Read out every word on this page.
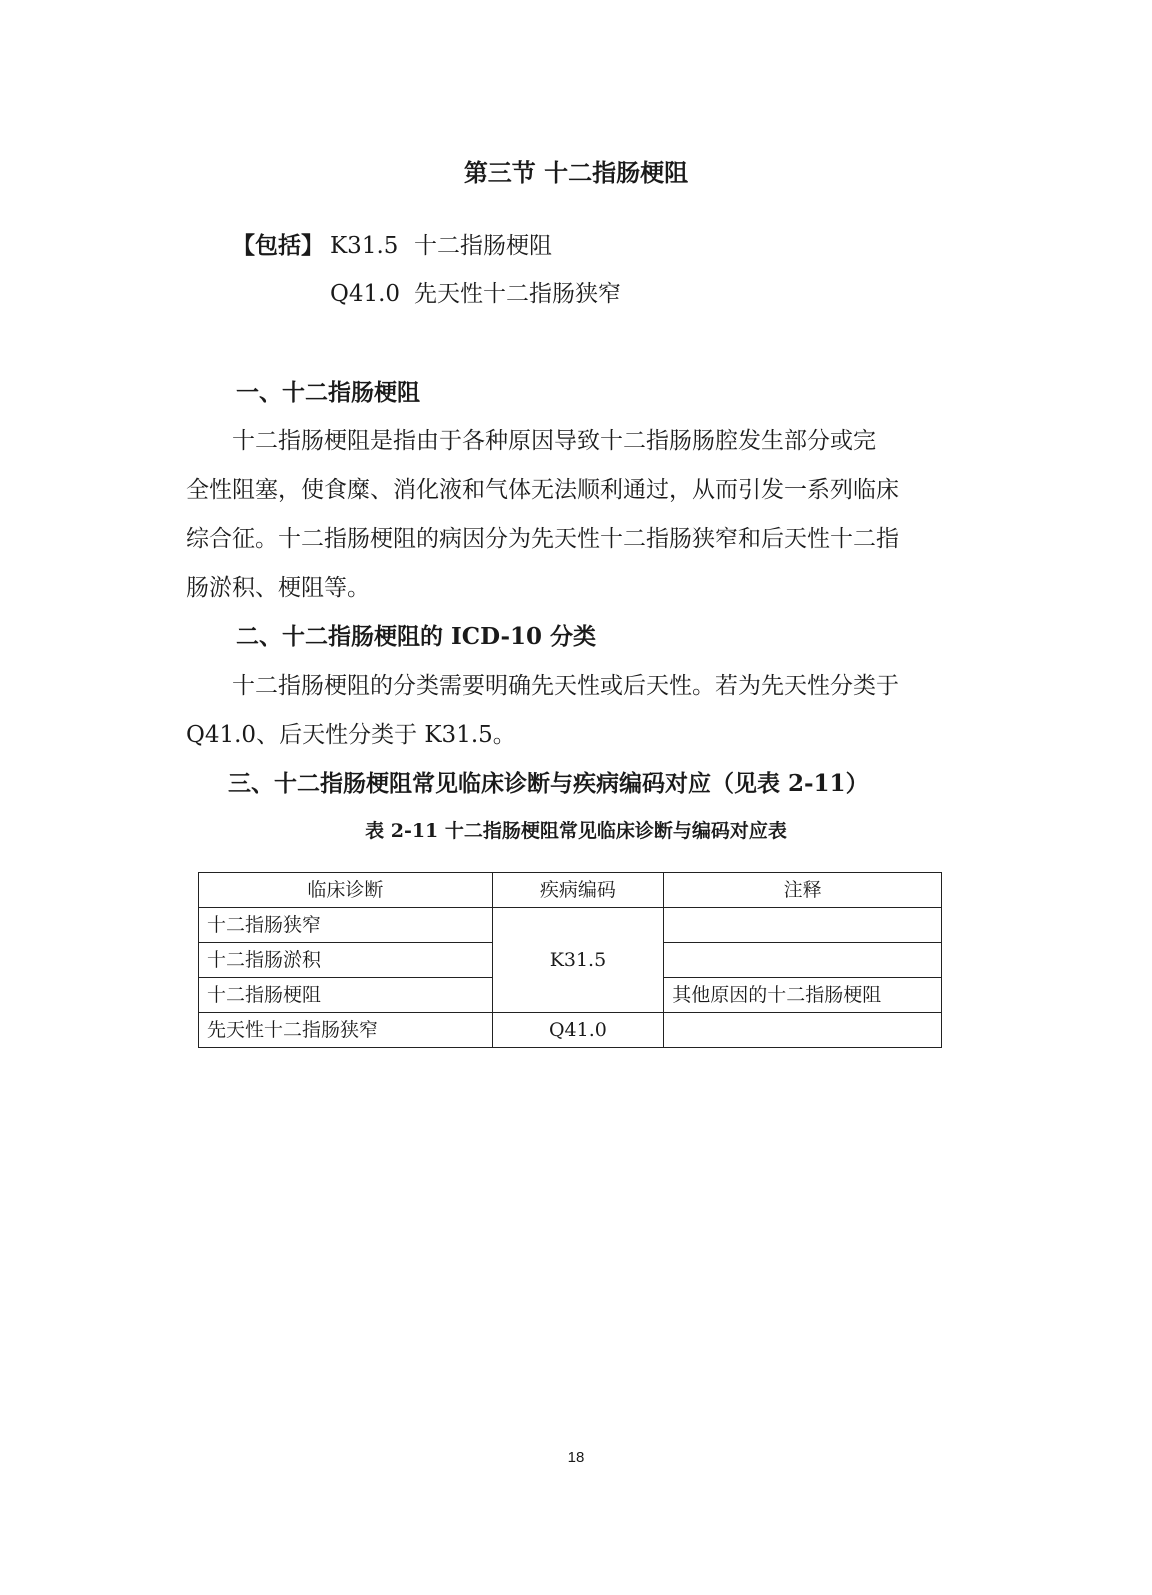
第三节 十二指肠梗阻
【包括】 K31.5 十二指肠梗阻
Q41.0 先天性十二指肠狭窄
一、十二指肠梗阻
　　十二指肠梗阻是指由于各种原因导致十二指肠肠腔发生部分或完
全性阻塞，使食糜、消化液和气体无法顺利通过，从而引发一系列临床
综合征。十二指肠梗阻的病因分为先天性十二指肠狭窄和后天性十二指
肠淤积、梗阻等。
二、十二指肠梗阻的 ICD-10 分类
　　十二指肠梗阻的分类需要明确先天性或后天性。若为先天性分类于
Q41.0、后天性分类于 K31.5。
三、十二指肠梗阻常见临床诊断与疾病编码对应（见表 2-11）
表 2-11 十二指肠梗阻常见临床诊断与编码对应表
临床诊断	疾病编码	注释
十二指肠狭窄	K31.5	
十二指肠淤积		
十二指肠梗阻		其他原因的十二指肠梗阻
先天性十二指肠狭窄	Q41.0	
18
